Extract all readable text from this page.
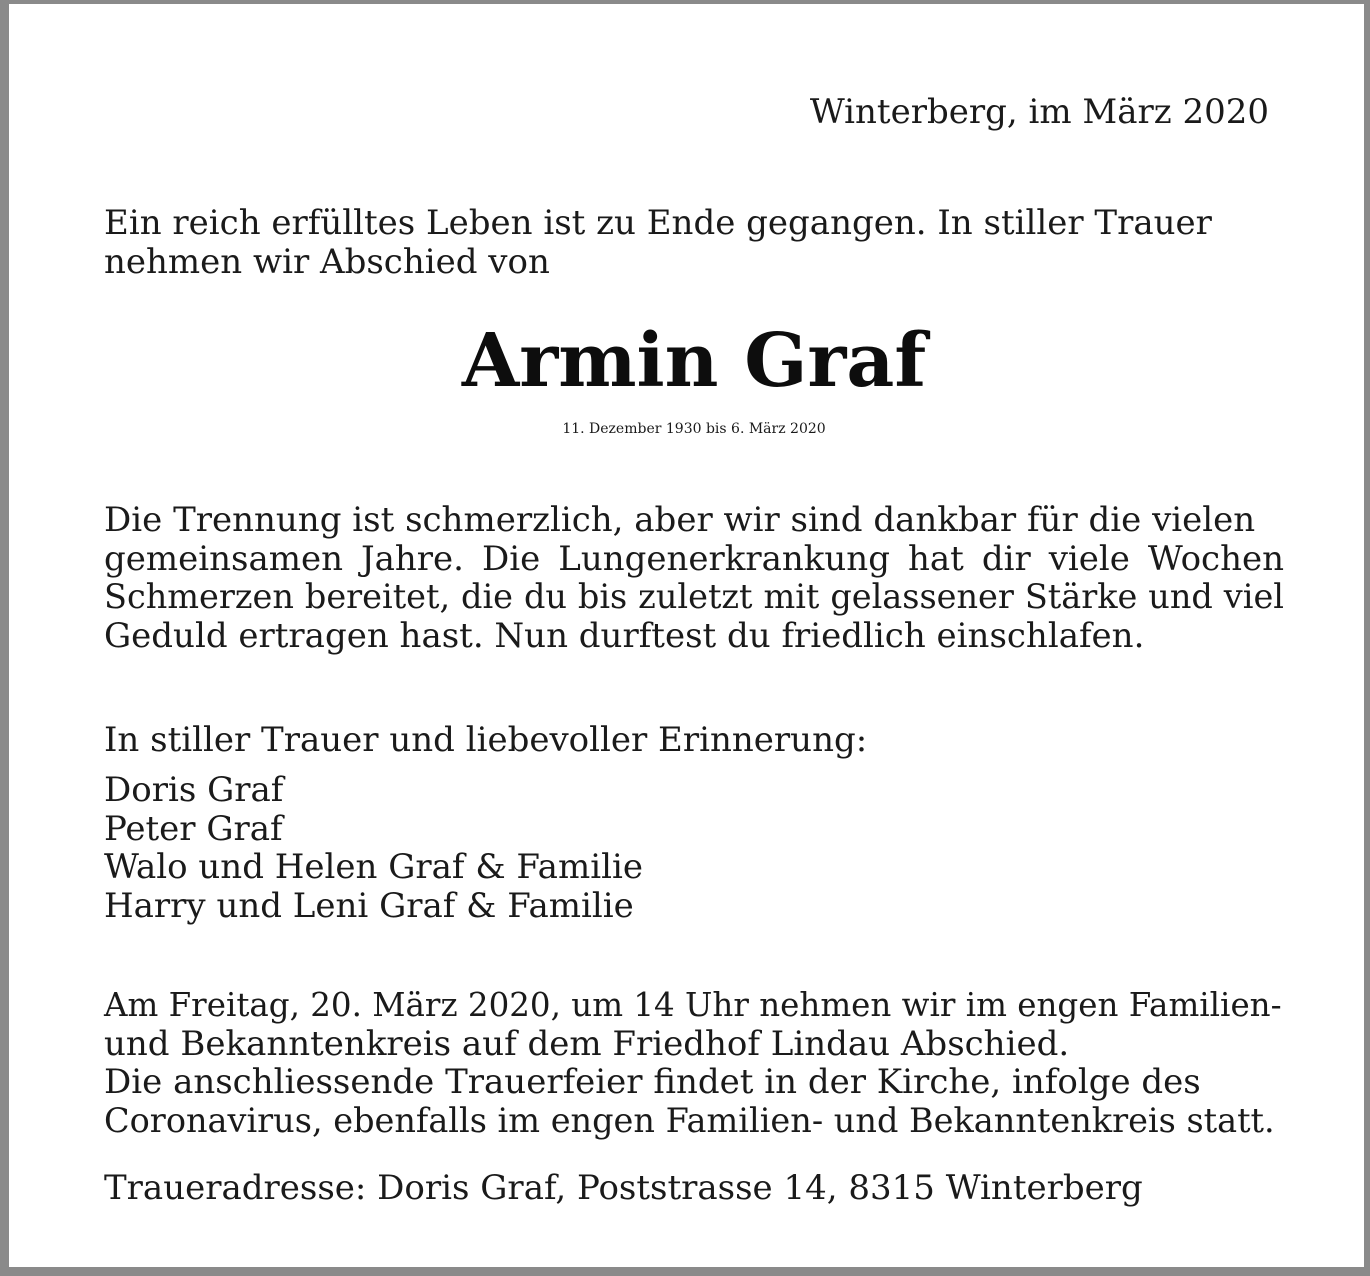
Winterberg, im März 2020
Ein reich erfülltes Leben ist zu Ende gegangen. In stiller Trauer
nehmen wir Abschied von
Armin Graf
11. Dezember 1930 bis 6. März 2020
Die Trennung ist schmerzlich, aber wir sind dankbar für die vielen
gemeinsamen Jahre. Die Lungenerkrankung hat dir viele Wochen
Schmerzen bereitet, die du bis zuletzt mit gelassener Stärke und viel
Geduld ertragen hast. Nun durftest du friedlich einschlafen.
In stiller Trauer und liebevoller Erinnerung:
Doris Graf
Peter Graf
Walo und Helen Graf & Familie
Harry und Leni Graf & Familie
Am Freitag, 20. März 2020, um 14 Uhr nehmen wir im engen Familien-
und Bekanntenkreis auf dem Friedhof Lindau Abschied.
Die anschliessende Trauerfeier findet in der Kirche, infolge des
Coronavirus, ebenfalls im engen Familien- und Bekanntenkreis statt.
Traueradresse: Doris Graf, Poststrasse 14, 8315 Winterberg
